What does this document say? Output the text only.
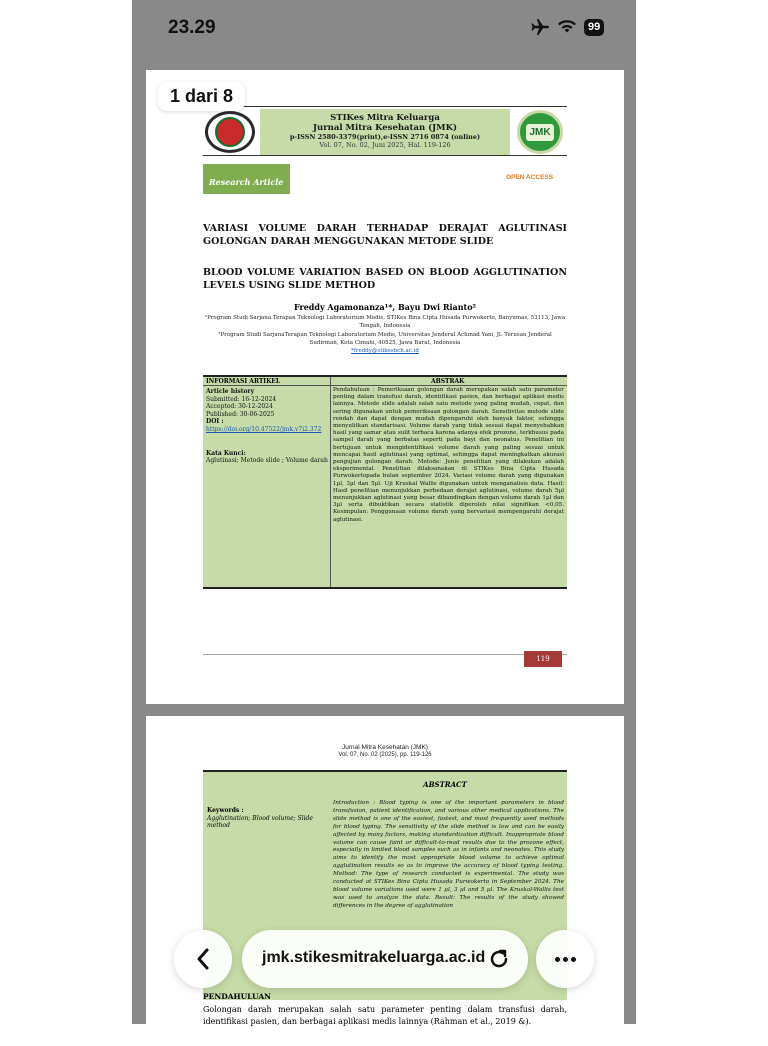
23.29	99
STIKes Mitra Keluarga
Jurnal Mitra Kesehatan (JMK)
p-ISSN 2580-3379(print),e-ISSN 2716 0874 (online)
Vol. 07, No. 02, Juni 2025, Hal. 119-126
JMK
Research Article	OPEN ACCESS
VARIASI VOLUME DARAH TERHADAP DERAJAT AGLUTINASI GOLONGAN DARAH MENGGUNAKAN METODE SLIDE
BLOOD VOLUME VARIATION BASED ON BLOOD AGGLUTINATION LEVELS USING SLIDE METHOD
Freddy Agamonanza¹*, Bayu Dwi Rianto²
¹Program Studi Sarjana Terapan Teknologi Laboratorium Medis, STIKes Bina Cipta Husada Purwokerto, Banyumas, 53113, Jawa Tengah, Indonesia
²Program Studi SarjanaTerapan Teknologi Laboratorium Medis, Universitas Jenderal Achmad Yani, Jl. Terusan Jenderal Sudirman, Kota Cimahi, 40525, Jawa Barat, Indonesia
*freddy@stikesbch.ac.id
INFORMASI ARTIKEL	ABSTRAK
Article history
Submitted: 16-12-2024
Accepted: 30-12-2024
Published: 30-06-2025
DOI :
https://doi.org/10.47522/jmk.v7i2.372
Kata Kunci:
Aglutinasi; Metode slide ; Volume darah
Pendahuluan : Pemeriksaan golongan darah merupakan salah satu parameter penting dalam transfusi darah, identifikasi pasien, dan berbagai aplikasi medis lainnya. Metode slide adalah salah satu metode yang paling mudah, cepat, dan sering digunakan untuk pemeriksaan golongan darah. Sensitivitas metode slide rendah dan dapat dengan mudah dipengaruhi oleh banyak faktor, sehingga menyulitkan standarisasi. Volume darah yang tidak sesuai dapat menyebabkan hasil yang samar atau sulit terbaca karena adanya efek prozone, terkhusus pada sampel darah yang berbatas seperti pada bayi dan neonatus. Penelitian ini bertujuan untuk mengidentifikasi volume darah yang paling sesuai untuk mencapai hasil aglutinasi yang optimal, sehingga dapat meningkatkan akurasi pengujian golongan darah. Metode: Jenis penelitian yang dilakukan adalah eksperimental. Penelitian dilaksanakan di STIKes Bina Cipta Husada Purwokertopada bulan september 2024. Variasi volume darah yang digunakan 1µl, 3µl dan 5µl. Uji Kruskal Wallis digunakan untuk menganalisis data. Hasil: Hasil penelitian menunjukkan perbedaan derajat aglutinasi, volume darah 5µl menunjukkan aglutinasi yang besar dibandingkan dengan volume darah 1µl dan 3µl serta dibuktikan secara statistik diperoleh nilai signifikan <0,05. Kesimpulan: Penggunaan volume darah yang bervariasi mempengaruhi derajat aglutinasi.
119
Jurnal Mitra Kesehatan (JMK)
Vol. 07, No. 02 (2025), pp. 119-126
ABSTRACT
Keywords :
Agglutination; Blood volume; Slide method
Introduction : Blood typing is one of the important parameters in blood transfusion, patient identification, and various other medical applications. The slide method is one of the easiest, fastest, and most frequently used methods for blood typing. The sensitivity of the slide method is low and can be easily affected by many factors, making standardization difficult. Inappropriate blood volume can cause faint or difficult-to-read results due to the prozone effect, especially in limited blood samples such as in infants and neonates. This study aims to identify the most appropriate blood volume to achieve optimal agglutination results so as to improve the accuracy of blood typing testing. Method: The type of research conducted is experimental. The study was conducted at STIKes Bina Cipta Husada Purwokerto in September 2024. The blood volume variations used were 1 µl, 3 µl and 5 µl. The Kruskal-Wallis test was used to analyze the data. Result: The results of the study showed differences in the degree of agglutination
PENDAHULUAN
Golongan darah merupakan salah satu parameter penting dalam transfusi darah, identifikasi pasien, dan berbagai aplikasi medis lainnya (Rahman et al., 2019 &).
1 dari 8
jmk.stikesmitrakeluarga.ac.id
